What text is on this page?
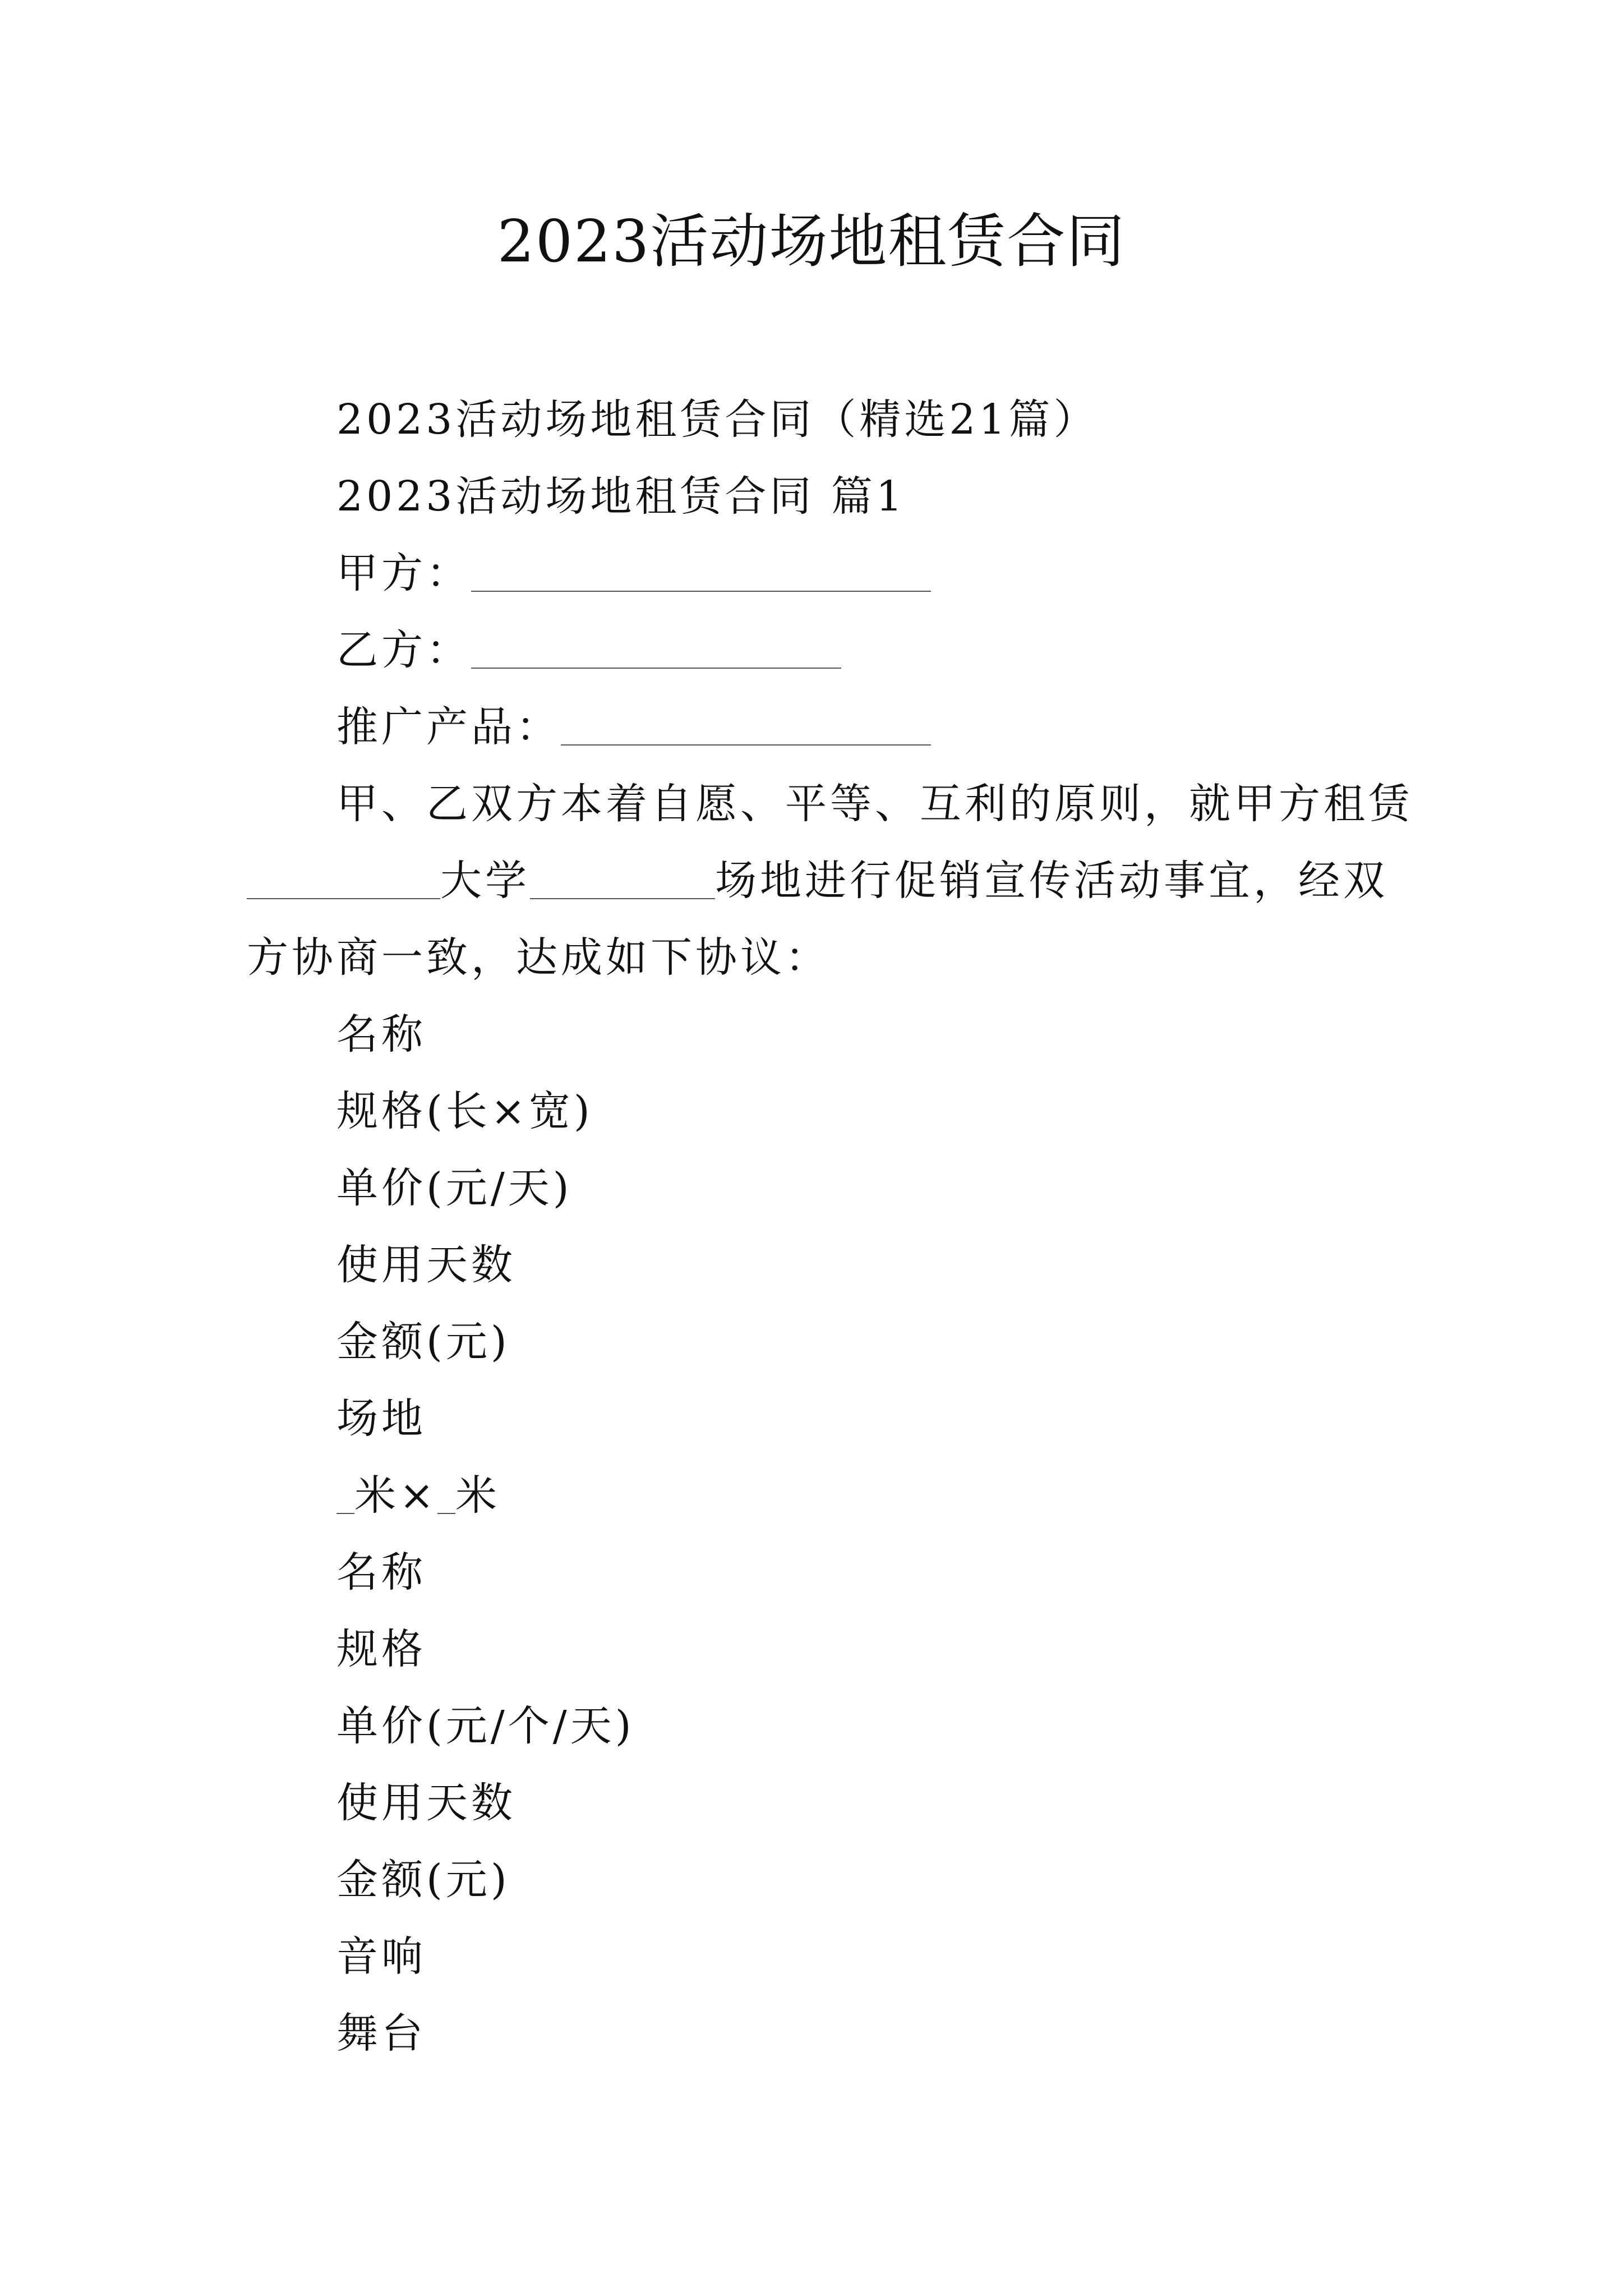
2023活动场地租赁合同
2023活动场地租赁合同（精选21篇）
2023活动场地租赁合同 篇1
甲方：
乙方：
推广产品：
甲、乙双方本着自愿、平等、互利的原则，就甲方租赁
大学	场地进行促销宣传活动事宜，经双
方协商一致，达成如下协议：
名称
规格(长×宽)
单价(元/天)
使用天数
金额(元)
场地
米× 米
名称
规格
单价(元/个/天)
使用天数
金额(元)
音响
舞台
